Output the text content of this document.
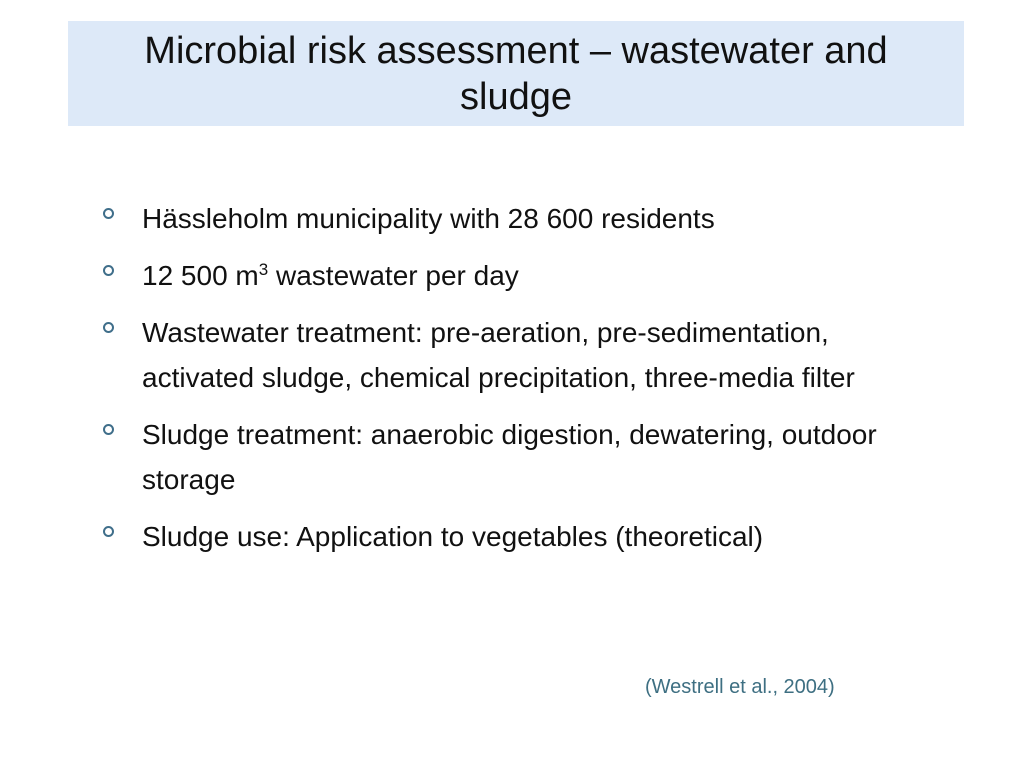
Microbial risk assessment – wastewater and sludge
Hässleholm municipality with 28 600 residents
12 500 $m^3$ wastewater per day
Wastewater treatment: pre-aeration, pre-sedimentation, activated sludge, chemical precipitation, three-media filter
Sludge treatment: anaerobic digestion, dewatering, outdoor storage
Sludge use: Application to vegetables (theoretical)

(Westrell et al., 2004)
